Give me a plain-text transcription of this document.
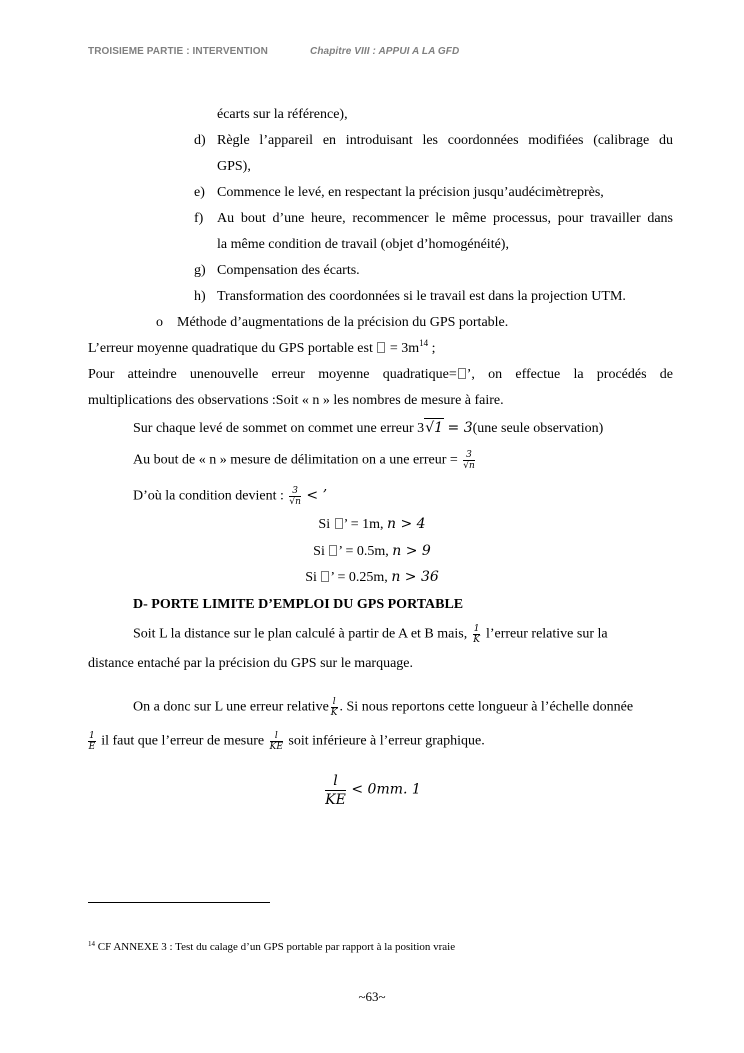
TROISIEME PARTIE : INTERVENTION	Chapitre VIII : APPUI A LA GFD
écarts sur la référence),
d) Règle l’appareil en introduisant les coordonnées modifiées (calibrage du
GPS),
e) Commence le levé, en respectant la précision jusqu’audécimètreprès,
f) Au bout d’une heure, recommencer le même processus, pour travailler dans
la même condition de travail (objet d’homogénéité),
g) Compensation des écarts.
h) Transformation des coordonnées si le travail est dans la projection UTM.
o Méthode d’augmentations de la précision du GPS portable.
L’erreur moyenne quadratique du GPS portable est = $3m^{14}$ ;
Pour atteindre unenouvelle erreur moyenne quadratique= ’, on effectue la procédés de
multiplications des observations :Soit « n » les nombres de mesure à faire.
Sur chaque levé de sommet on commet une erreur 3√1 = 3(une seule observation)
Au bout de « n » mesure de délimitation on a une erreur = $\frac{3}{√n}$
D’où la condition devient : $\frac{3}{√n}$ < ’
Si ’ = 1m, n > 4
Si ’ = 0.5m, n > 9
Si ’ = 0.25m, n > 36
D- PORTE LIMITE D’EMPLOI DU GPS PORTABLE
Soit L la distance sur le plan calculé à partir de A et B mais, $\frac{1}{K}$ l’erreur relative sur la
distance entaché par la précision du GPS sur le marquage.
On a donc sur L une erreur relative $\frac{l}{K}$ . Si nous reportons cette longueur à l’échelle donnée
$\frac{1}{E}$ il faut que l’erreur de mesure $\frac{l}{KE}$ soit inférieure à l’erreur graphique.
$\frac{l}{KE} < 0mm$. 1
$^{14}$ CF ANNEXE 3 : Test du calage d’un GPS portable par rapport à la position vraie
~63~
